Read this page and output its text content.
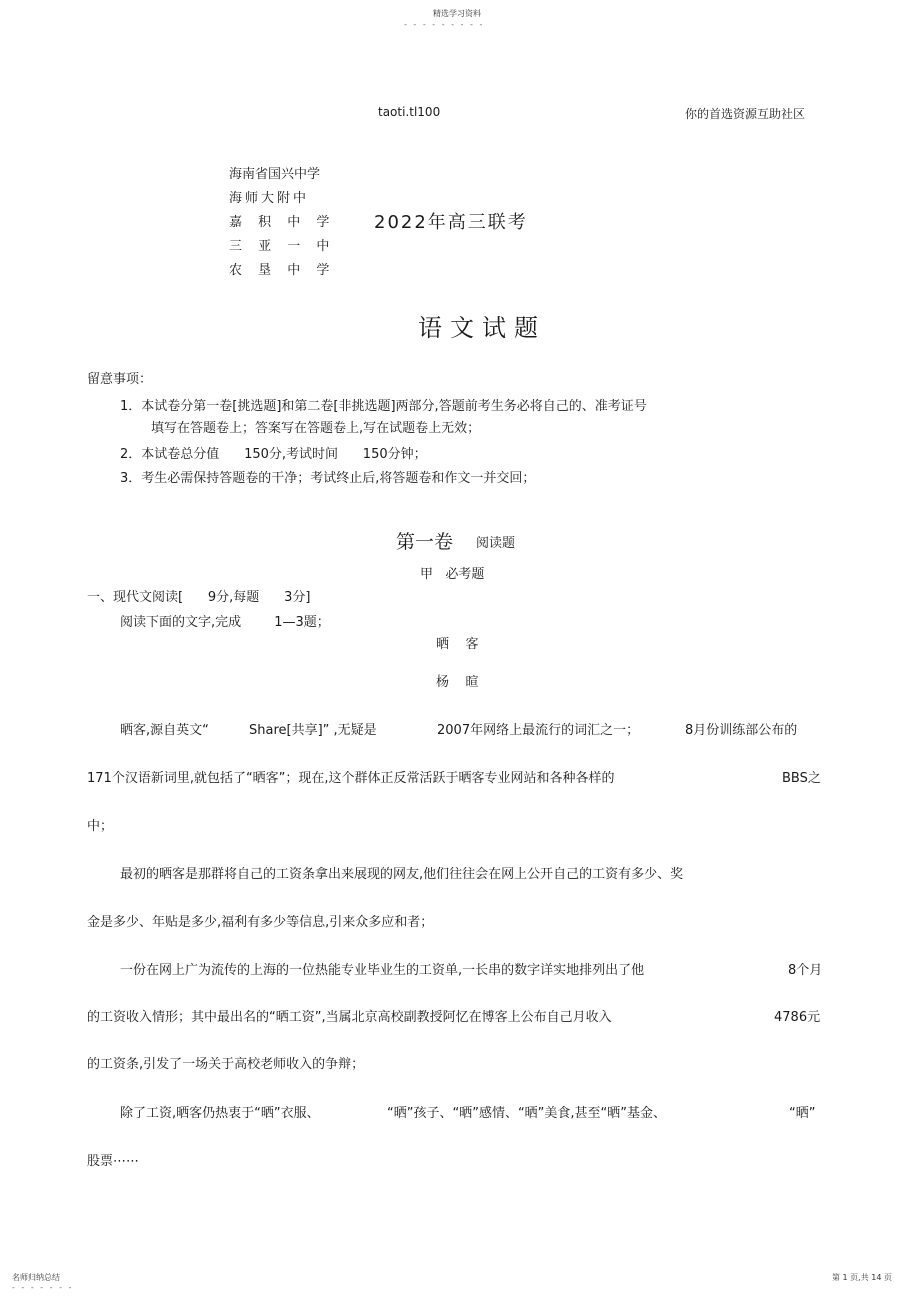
精选学习资料
- - - - - - - - -
taoti.tl100	你的首选资源互助社区
海南省国兴中学
海师大附中
嘉 积 中 学
三 亚 一 中
农 垦 中 学
2022年高三联考
语文试题
留意事项：
1．本试卷分第一卷[挑选题]和第二卷[非挑选题]两部分,答题前考生务必将自己的、准考证号
填写在答题卷上；答案写在答题卷上,写在试题卷上无效；
2．本试卷总分值      150分,考试时间      150分钟；
3．考生必需保持答题卷的干净；考试终止后,将答题卷和作文一并交回；
第一卷 阅读题
甲   必考题
一、现代文阅读[      9分,每题      3分]
阅读下面的文字,完成        1—3题；
晒    客
杨    暄
晒客,源自英文“	Share[共享]” ,无疑是	2007年网络上最流行的词汇之一；	8月份训练部公布的
171个汉语新词里,就包括了“晒客”；现在,这个群体正反常活跃于晒客专业网站和各种各样的	BBS之
中；
最初的晒客是那群将自己的工资条拿出来展现的网友,他们往往会在网上公开自己的工资有多少、奖
金是多少、年贴是多少,福利有多少等信息,引来众多应和者；
一份在网上广为流传的上海的一位热能专业毕业生的工资单,一长串的数字详实地排列出了他	8个月
的工资收入情形；其中最出名的“晒工资”,当属北京高校副教授阿忆在博客上公布自己月收入	4786元
的工资条,引发了一场关于高校老师收入的争辩；
除了工资,晒客仍热衷于“晒”衣服、	“晒”孩子、“晒”感情、“晒”美食,甚至“晒”基金、	“晒”
股票⋯⋯
名师归纳总结
- - - - - - -
第 1 页,共 14 页
